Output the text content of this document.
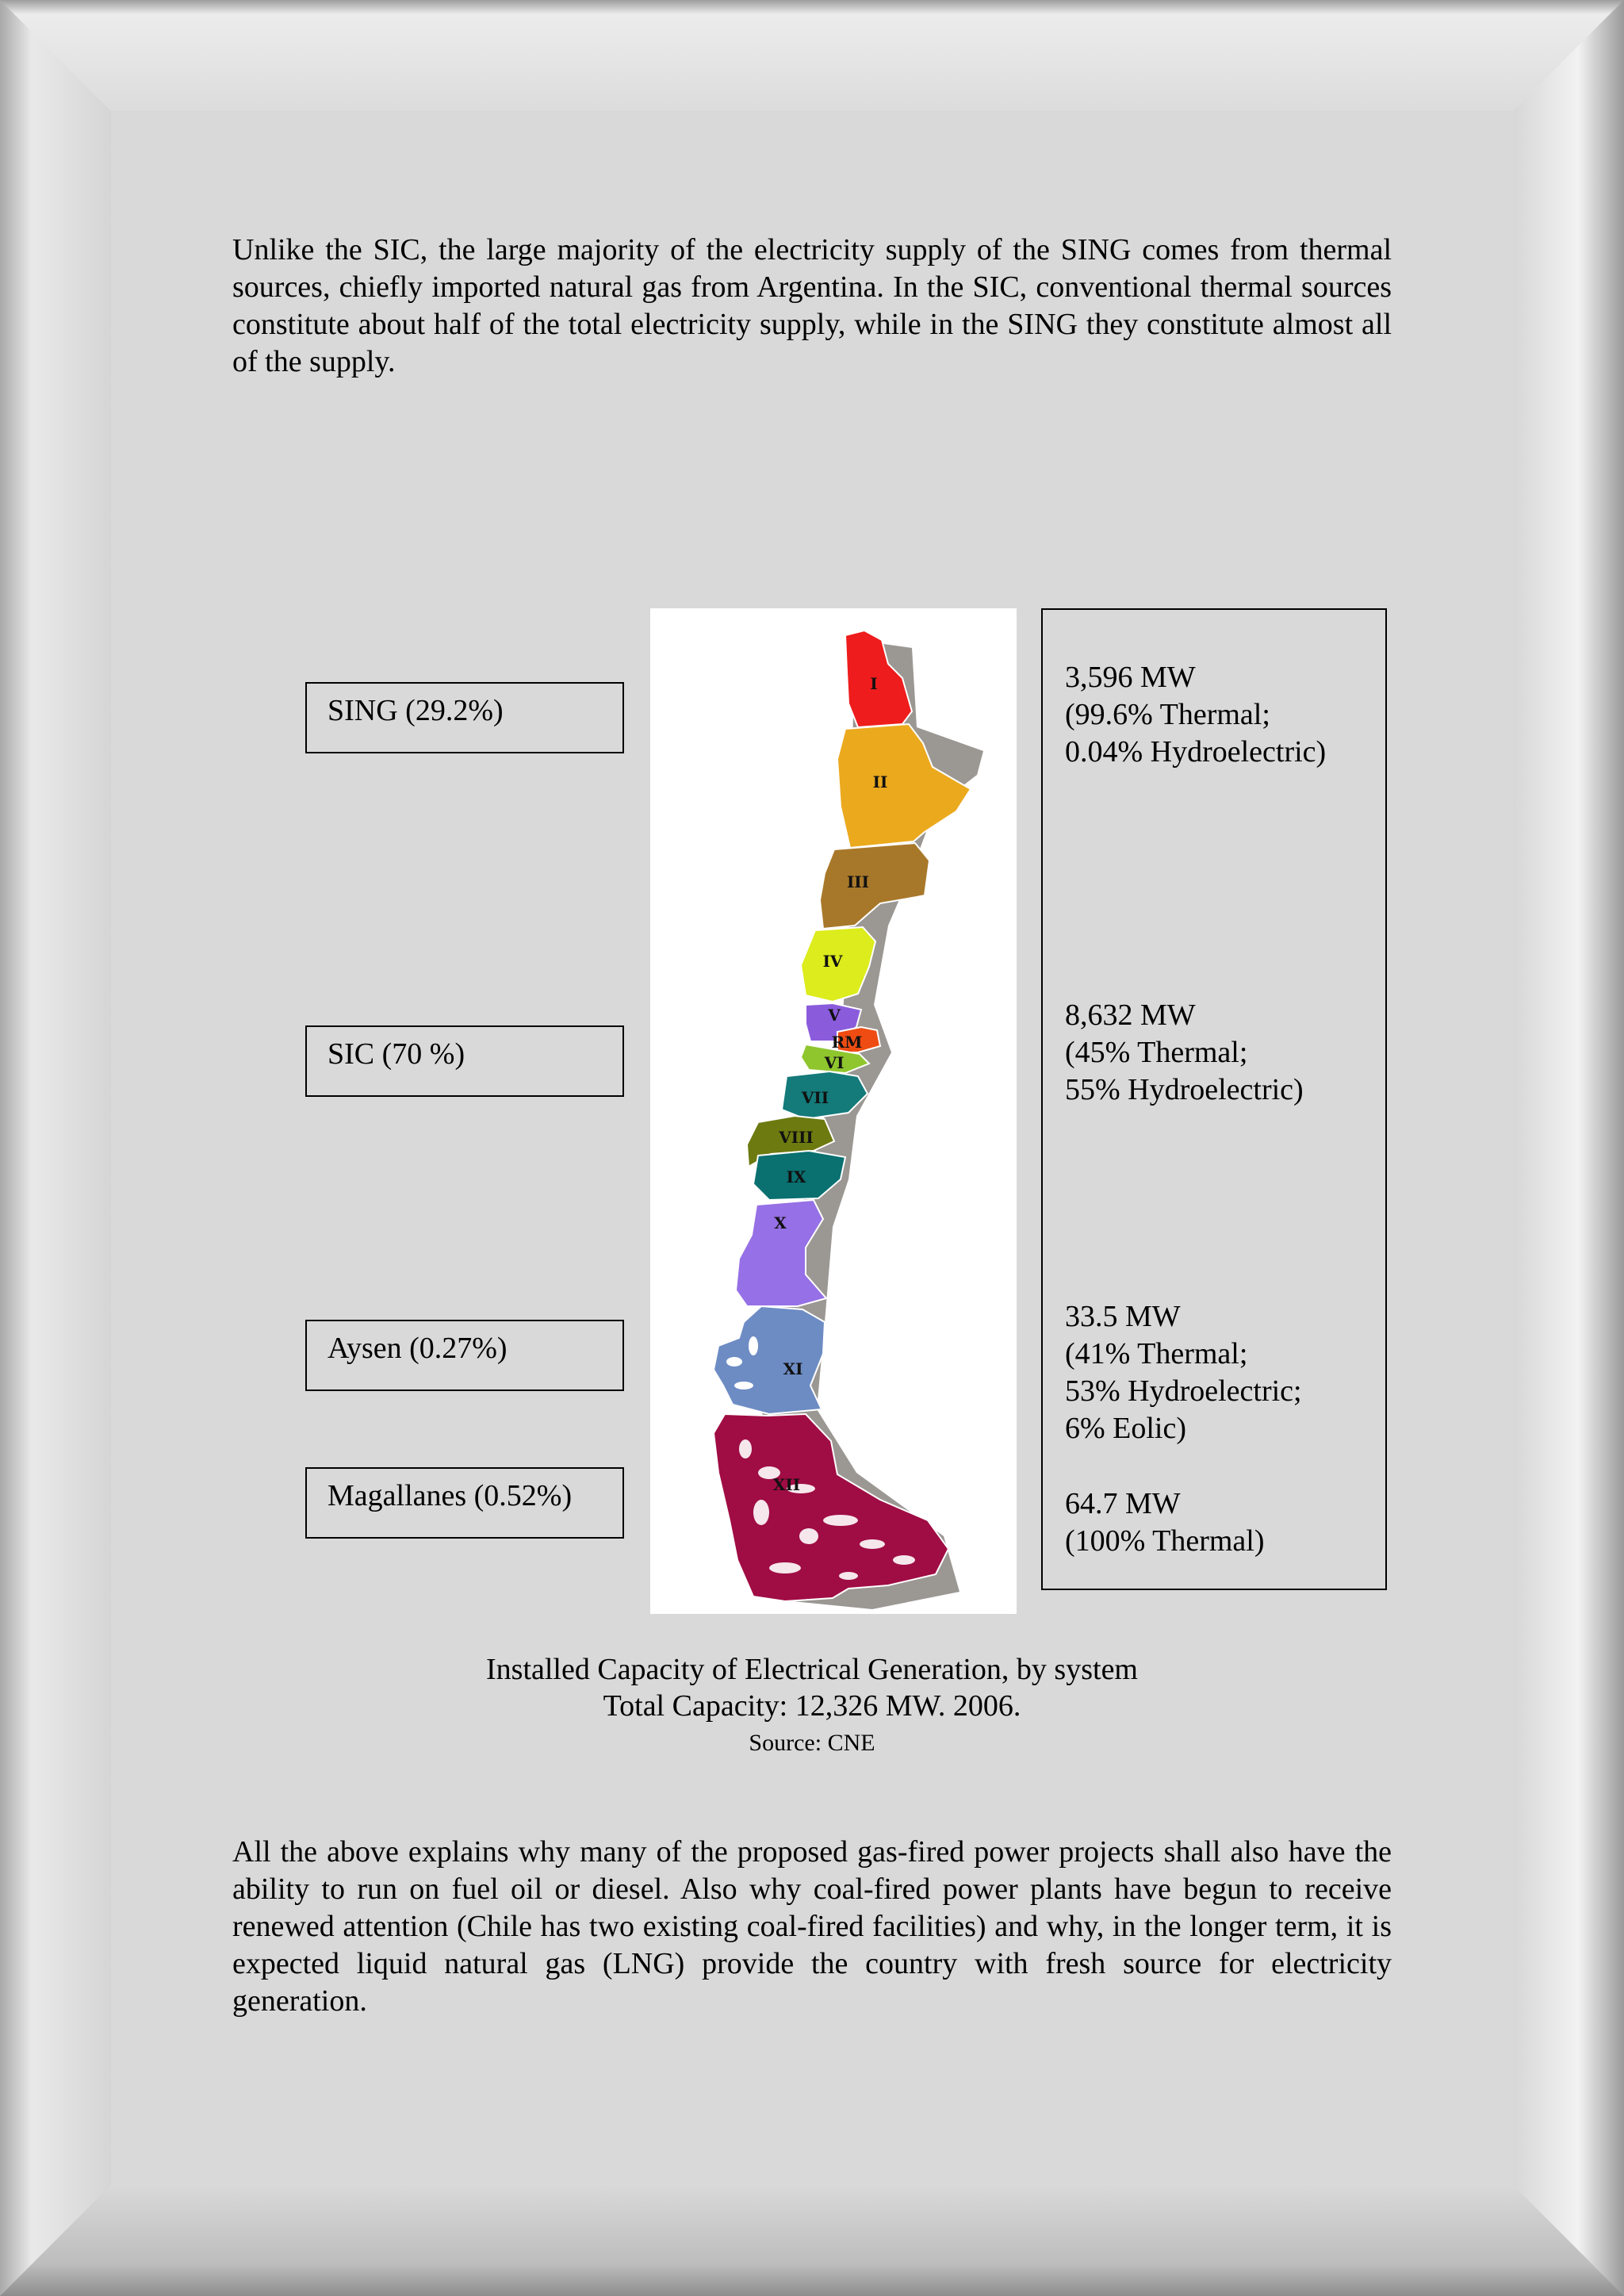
Unlike the SIC, the large majority of the electricity supply of the SING comes from thermal sources, chiefly imported natural gas from Argentina. In the SIC, conventional thermal sources constitute about half of the total electricity supply, while in the SING they constitute almost all of the supply.

SING (29.2%)
SIC (70 %)
Aysen (0.27%)
Magallanes (0.52%)
I
II
III
IV
V
RM
VI
VII
VIII
IX
X
XI
XII
3,596 MW
(99.6% Thermal;
0.04% Hydroelectric)
8,632 MW
(45% Thermal;
55% Hydroelectric)
33.5 MW
(41% Thermal;
53% Hydroelectric;
6% Eolic)
64.7 MW
(100% Thermal)

Installed Capacity of Electrical Generation, by system

Total Capacity: 12,326 MW. 2006.

Source: CNE

All the above explains why many of the proposed gas-fired power projects shall also have the ability to run on fuel oil or diesel. Also why coal-fired power plants have begun to receive renewed attention (Chile has two existing coal-fired facilities) and why, in the longer term, it is expected liquid natural gas (LNG) provide the country with fresh source for electricity generation.
